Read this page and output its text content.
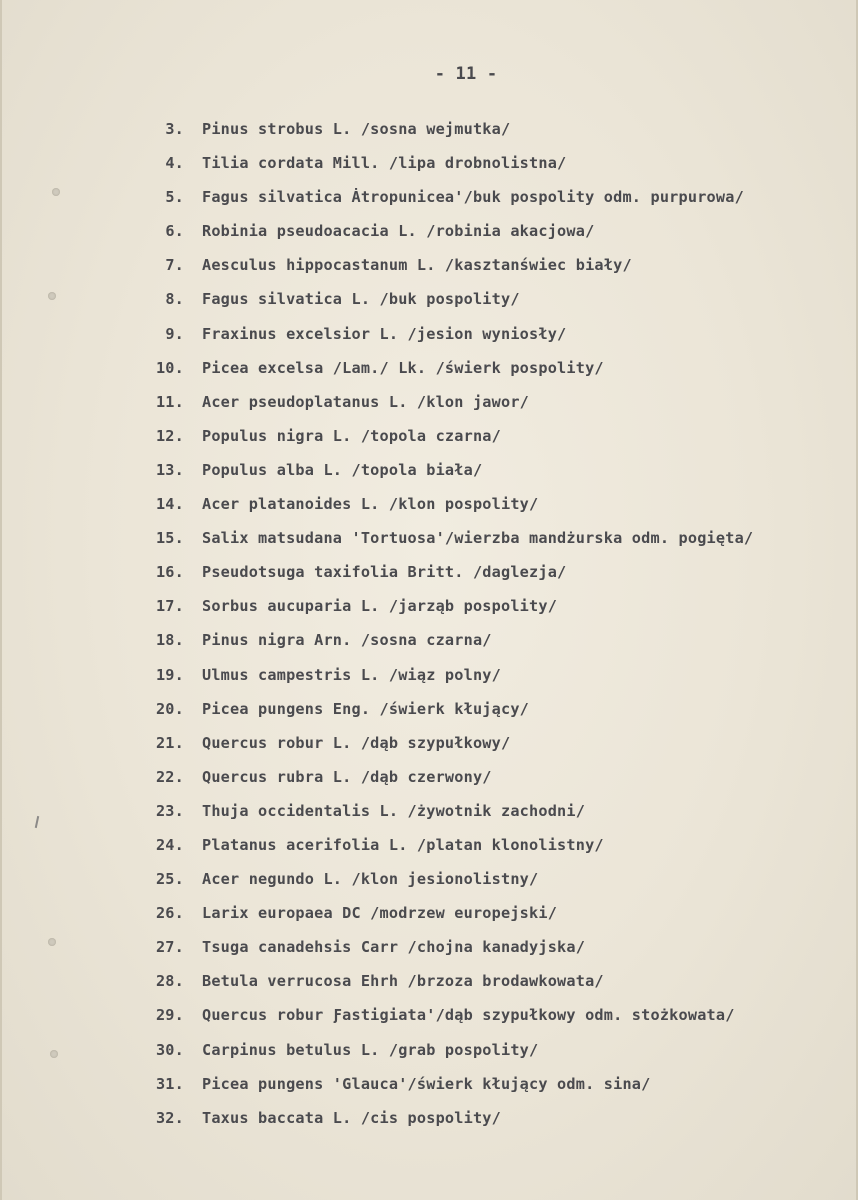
- 11 -
3. Pinus strobus L. /sosna wejmutka/
4. Tilia cordata Mill. /lipa drobnolistna/
5. Fagus silvatica Ȧtropunicea'/buk pospolity odm. purpurowa/
6. Robinia pseudoacacia L. /robinia akacjowa/
7. Aesculus hippocastanum L. /kasztanświec biały/
8. Fagus silvatica L. /buk pospolity/
9. Fraxinus excelsior L. /jesion wyniosły/
10. Picea excelsa /Lam./ Lk. /świerk pospolity/
11. Acer pseudoplatanus L. /klon jawor/
12. Populus nigra L. /topola czarna/
13. Populus alba L. /topola biała/
14. Acer platanoides L. /klon pospolity/
15. Salix matsudana 'Tortuosa'/wierzba mandżurska odm. pogięta/
16. Pseudotsuga taxifolia Britt. /daglezja/
17. Sorbus aucuparia L. /jarząb pospolity/
18. Pinus nigra Arn. /sosna czarna/
19. Ulmus campestris L. /wiąz polny/
20. Picea pungens Eng. /świerk kłujący/
21. Quercus robur L. /dąb szypułkowy/
22. Quercus rubra L. /dąb czerwony/
23. Thuja occidentalis L. /żywotnik zachodni/
24. Platanus acerifolia L. /platan klonolistny/
25. Acer negundo L. /klon jesionolistny/
26. Larix europaea DC /modrzew europejski/
27. Tsuga canadehsis Carr /chojna kanadyjska/
28. Betula verrucosa Ehrh /brzoza brodawkowata/
29. Quercus robur Ƒastigiata'/dąb szypułkowy odm. stożkowata/
30. Carpinus betulus L. /grab pospolity/
31. Picea pungens 'Glauca'/świerk kłujący odm. sina/
32. Taxus baccata L. /cis pospolity/
